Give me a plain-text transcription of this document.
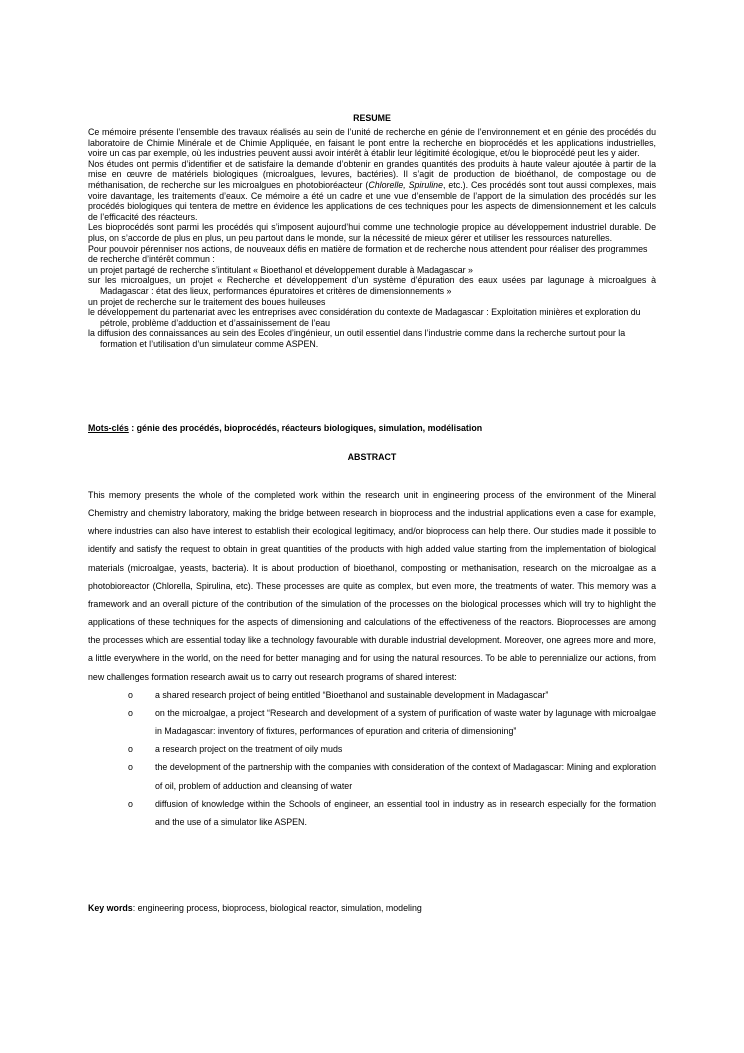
RESUME

Ce mémoire présente l’ensemble des travaux réalisés au sein de l’unité de recherche en génie de l’environnement et en génie des procédés du laboratoire de Chimie Minérale et de Chimie Appliquée, en faisant le pont entre la recherche en bioprocédés et les applications industrielles, voire un cas par exemple, où les industries peuvent aussi avoir intérêt à établir leur légitimité écologique, et/ou le bioprocédé peut les y aider.

Nos études ont permis d’identifier et de satisfaire la demande d’obtenir en grandes quantités des produits à haute valeur ajoutée à partir de la mise en œuvre de matériels biologiques (microalgues, levures, bactéries). Il s’agit de production de bioéthanol, de compostage ou de méthanisation, de recherche sur les microalgues en photobioréacteur (Chlorelle, Spiruline, etc.). Ces procédés sont tout aussi complexes, mais voire davantage, les traitements d’eaux. Ce mémoire a été un cadre et une vue d’ensemble de l’apport de la simulation des procédés sur les procédés biologiques qui tentera de mettre en évidence les applications de ces techniques pour les aspects de dimensionnement et les calculs de l’efficacité des réacteurs.

Les bioprocédés sont parmi les procédés qui s’imposent aujourd’hui comme une technologie propice au développement industriel durable. De plus, on s’accorde de plus en plus, un peu partout dans le monde, sur la nécessité de mieux gérer et utiliser les ressources naturelles.

Pour pouvoir pérenniser nos actions, de nouveaux défis en matière de formation et de recherche nous attendent pour réaliser des programmes de recherche d’intérêt commun :

un projet partagé de recherche s’intitulant « Bioethanol et développement durable à Madagascar »

sur les microalgues, un projet « Recherche et développement d’un système d’épuration des eaux usées par lagunage à microalgues à Madagascar : état des lieux, performances épuratoires et critères de dimensionnements »

un projet de recherche sur le traitement des boues huileuses

le développement du partenariat avec les entreprises avec considération du contexte de Madagascar : Exploitation minières et exploration du pétrole, problème d’adduction et d’assainissement de l’eau

la diffusion des connaissances au sein des Ecoles d’ingénieur, un outil essentiel dans l’industrie comme dans la recherche surtout pour la formation et l’utilisation d’un simulateur comme ASPEN.

Mots-clés : génie des procédés, bioprocédés, réacteurs biologiques, simulation, modélisation
ABSTRACT

This memory presents the whole of the completed work within the research unit in engineering process of the environment of the Mineral Chemistry and chemistry laboratory, making the bridge between research in bioprocess and the industrial applications even a case for example, where industries can also have interest to establish their ecological legitimacy, and/or bioprocess can help there. Our studies made it possible to identify and satisfy the request to obtain in great quantities of the products with high added value starting from the implementation of biological materials (microalgae, yeasts, bacteria). It is about production of bioethanol, composting or methanisation, research on the microalgae as a photobioreactor (Chlorella, Spirulina, etc). These processes are quite as complex, but even more, the treatments of water. This memory was a framework and an overall picture of the contribution of the simulation of the processes on the biological processes which will try to highlight the applications of these techniques for the aspects of dimensioning and calculations of the effectiveness of the reactors. Bioprocesses are among the processes which are essential today like a technology favourable with durable industrial development. Moreover, one agrees more and more, a little everywhere in the world, on the need for better managing and for using the natural resources. To be able to perennialize our actions, from new challenges formation research await us to carry out research programs of shared interest:

o a shared research project of being entitled “Bioethanol and sustainable development in Madagascar”
o on the microalgae, a project “Research and development of a system of purification of waste water by lagunage with microalgae in Madagascar: inventory of fixtures, performances of epuration and criteria of dimensioning”
o a research project on the treatment of oily muds
o the development of the partnership with the companies with consideration of the context of Madagascar: Mining and exploration of oil, problem of adduction and cleansing of water
o diffusion of knowledge within the Schools of engineer, an essential tool in industry as in research especially for the formation and the use of a simulator like ASPEN.
Key words: engineering process, bioprocess, biological reactor, simulation, modeling
